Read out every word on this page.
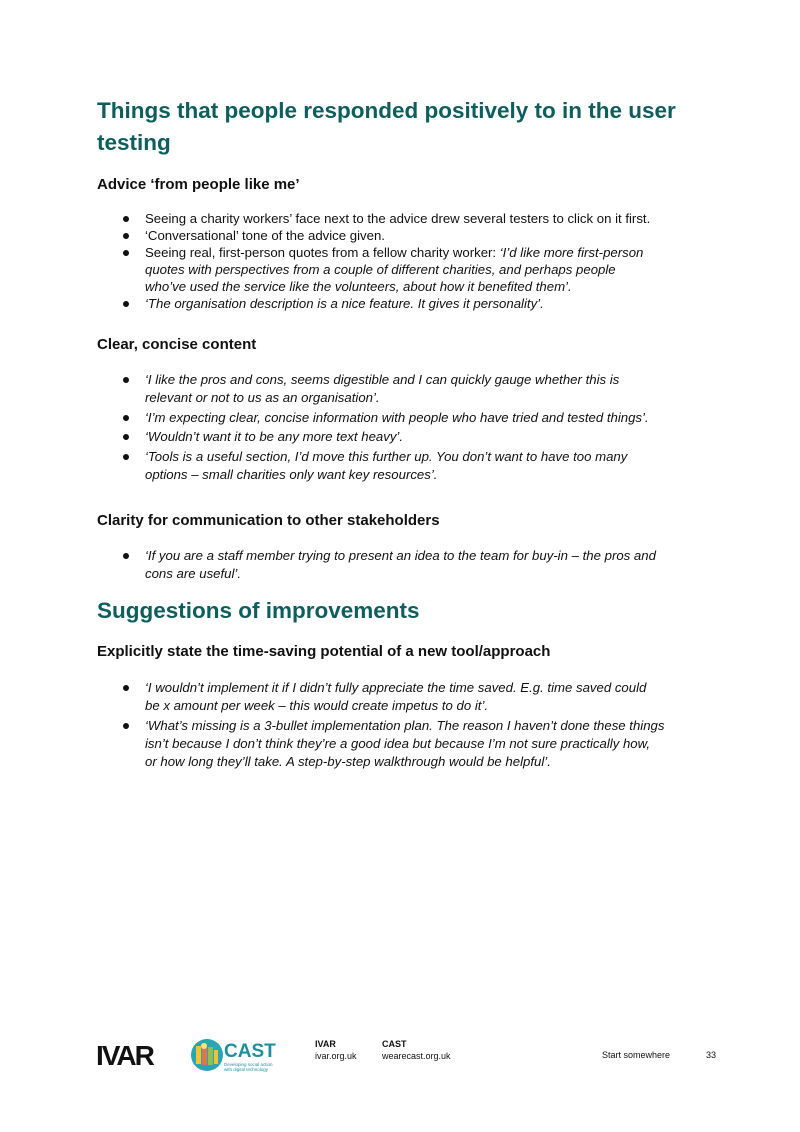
Things that people responded positively to in the user
testing
Advice ‘from people like me’
Seeing a charity workers’ face next to the advice drew several testers to click on it first.
‘Conversational’ tone of the advice given.
Seeing real, first-person quotes from a fellow charity worker: ‘I’d like more first-person
quotes with perspectives from a couple of different charities, and perhaps people
who’ve used the service like the volunteers, about how it benefited them’.
‘The organisation description is a nice feature. It gives it personality’.
Clear, concise content
‘I like the pros and cons, seems digestible and I can quickly gauge whether this is
relevant or not to us as an organisation’.
‘I’m expecting clear, concise information with people who have tried and tested things’.
‘Wouldn’t want it to be any more text heavy’.
‘Tools is a useful section, I’d move this further up. You don’t want to have too many
options – small charities only want key resources’.
Clarity for communication to other stakeholders
‘If you are a staff member trying to present an idea to the team for buy-in – the pros and
cons are useful’.
Suggestions of improvements
Explicitly state the time-saving potential of a new tool/approach
‘I wouldn’t implement it if I didn’t fully appreciate the time saved. E.g. time saved could
be x amount per week – this would create impetus to do it’.
‘What’s missing is a 3-bullet implementation plan. The reason I haven’t done these things
isn’t because I don’t think they’re a good idea but because I’m not sure practically how,
or how long they’ll take. A step-by-step walkthrough would be helpful’.
IVAR	CAST
Developing social action with digital technology
IVAR
ivar.org.uk
CAST
wearecast.org.uk	Start somewhere	33
